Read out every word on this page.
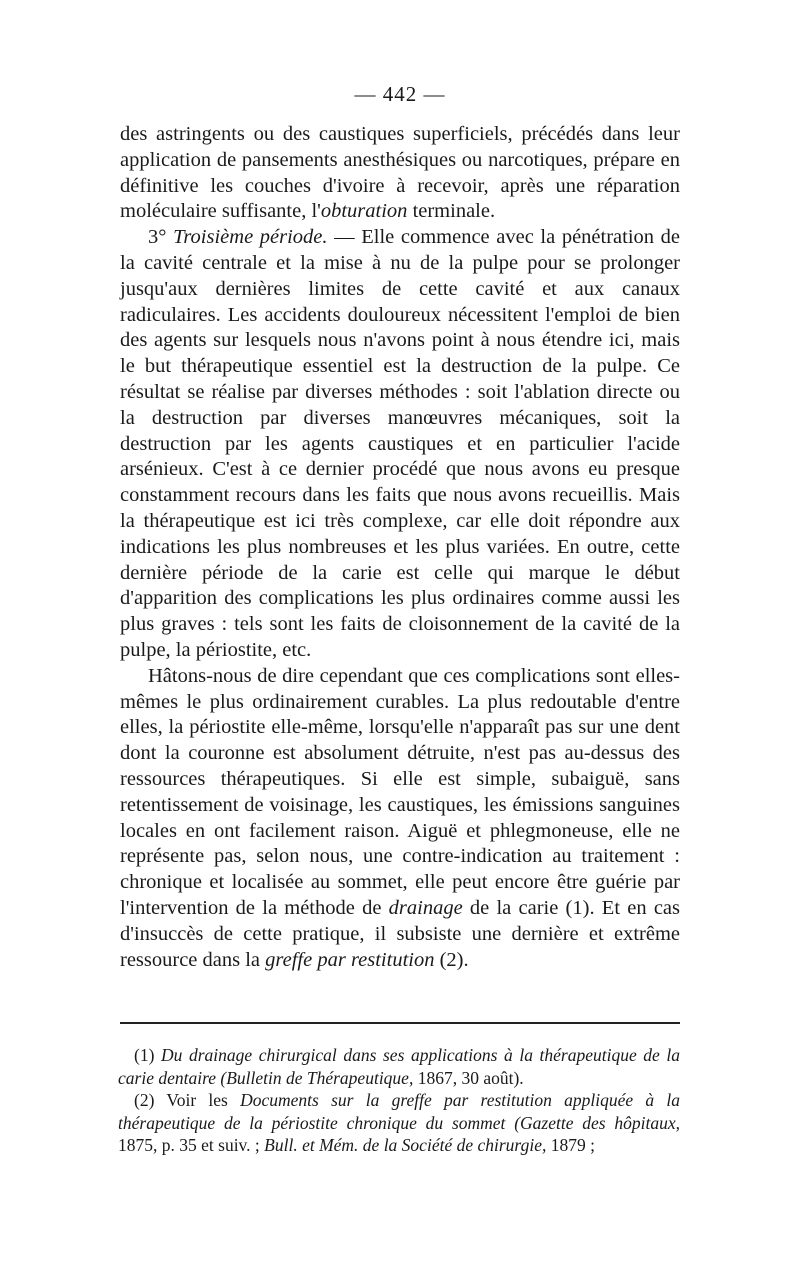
— 442 —

des astringents ou des caustiques superficiels, précédés dans leur application de pansements anesthésiques ou narcotiques, prépare en définitive les couches d'ivoire à recevoir, après une réparation moléculaire suffisante, l'obturation terminale.

3° Troisième période. — Elle commence avec la pénétration de la cavité centrale et la mise à nu de la pulpe pour se prolonger jusqu'aux dernières limites de cette cavité et aux canaux radiculaires. Les accidents douloureux nécessitent l'emploi de bien des agents sur lesquels nous n'avons point à nous étendre ici, mais le but thérapeutique essentiel est la destruction de la pulpe. Ce résultat se réalise par diverses méthodes : soit l'ablation directe ou la destruction par diverses manœuvres mécaniques, soit la destruction par les agents caustiques et en particulier l'acide arsénieux. C'est à ce dernier procédé que nous avons eu presque constamment recours dans les faits que nous avons recueillis. Mais la thérapeutique est ici très complexe, car elle doit répondre aux indications les plus nombreuses et les plus variées. En outre, cette dernière période de la carie est celle qui marque le début d'apparition des complications les plus ordinaires comme aussi les plus graves : tels sont les faits de cloisonnement de la cavité de la pulpe, la périostite, etc.

Hâtons-nous de dire cependant que ces complications sont elles-mêmes le plus ordinairement curables. La plus redoutable d'entre elles, la périostite elle-même, lorsqu'elle n'apparaît pas sur une dent dont la couronne est absolument détruite, n'est pas au-dessus des ressources thérapeutiques. Si elle est simple, subaiguë, sans retentissement de voisinage, les caustiques, les émissions sanguines locales en ont facilement raison. Aiguë et phlegmoneuse, elle ne représente pas, selon nous, une contre-indication au traitement : chronique et localisée au sommet, elle peut encore être guérie par l'intervention de la méthode de drainage de la carie (1). Et en cas d'insuccès de cette pratique, il subsiste une dernière et extrême ressource dans la greffe par restitution (2).

(1) Du drainage chirurgical dans ses applications à la thérapeutique de la carie dentaire (Bulletin de Thérapeutique, 1867, 30 août).

(2) Voir les Documents sur la greffe par restitution appliquée à la thérapeutique de la périostite chronique du sommet (Gazette des hôpitaux, 1875, p. 35 et suiv. ; Bull. et Mém. de la Société de chirurgie, 1879 ;
